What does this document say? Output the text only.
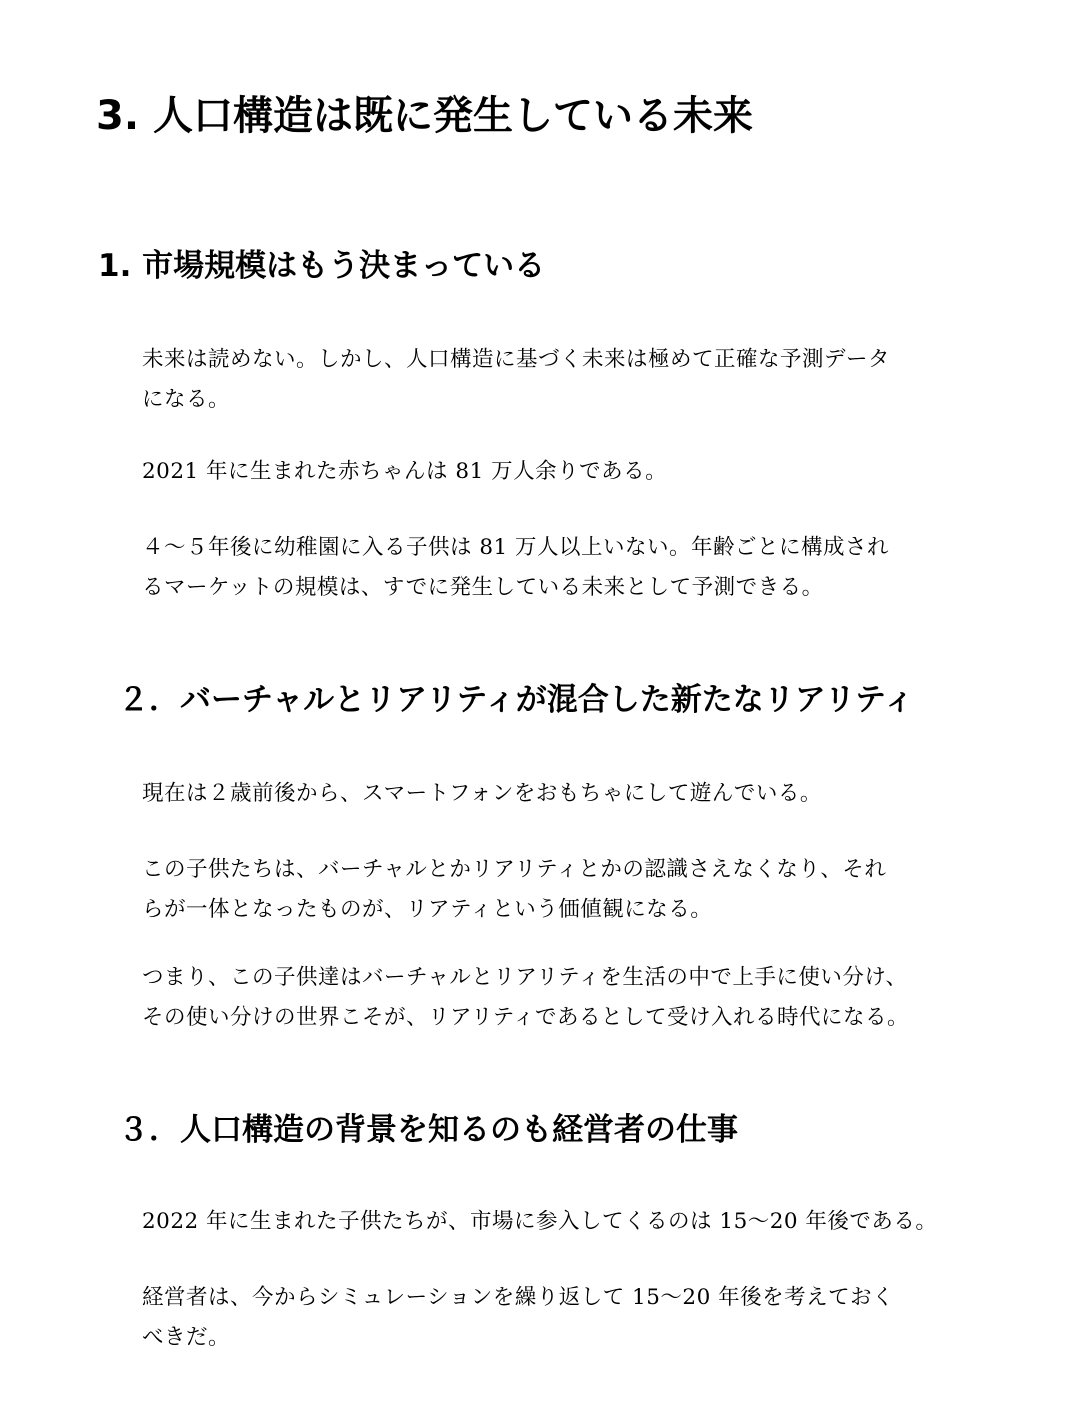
3. 人口構造は既に発生している未来
1. 市場規模はもう決まっている

未来は読めない。しかし、人口構造に基づく未来は極めて正確な予測データ
になる。

2021 年に生まれた赤ちゃんは 81 万人余りである。

４～５年後に幼稚園に入る子供は 81 万人以上いない。年齢ごとに構成され
るマーケットの規模は、すでに発生している未来として予測できる。

２．バーチャルとリアリティが混合した新たなリアリティ

現在は２歳前後から、スマートフォンをおもちゃにして遊んでいる。

この子供たちは、バーチャルとかリアリティとかの認識さえなくなり、それ
らが一体となったものが、リアティという価値観になる。

つまり、この子供達はバーチャルとリアリティを生活の中で上手に使い分け、
その使い分けの世界こそが、リアリティであるとして受け入れる時代になる。

３．人口構造の背景を知るのも経営者の仕事

2022 年に生まれた子供たちが、市場に参入してくるのは 15～20 年後である。

経営者は、今からシミュレーションを繰り返して 15～20 年後を考えておく
べきだ。
